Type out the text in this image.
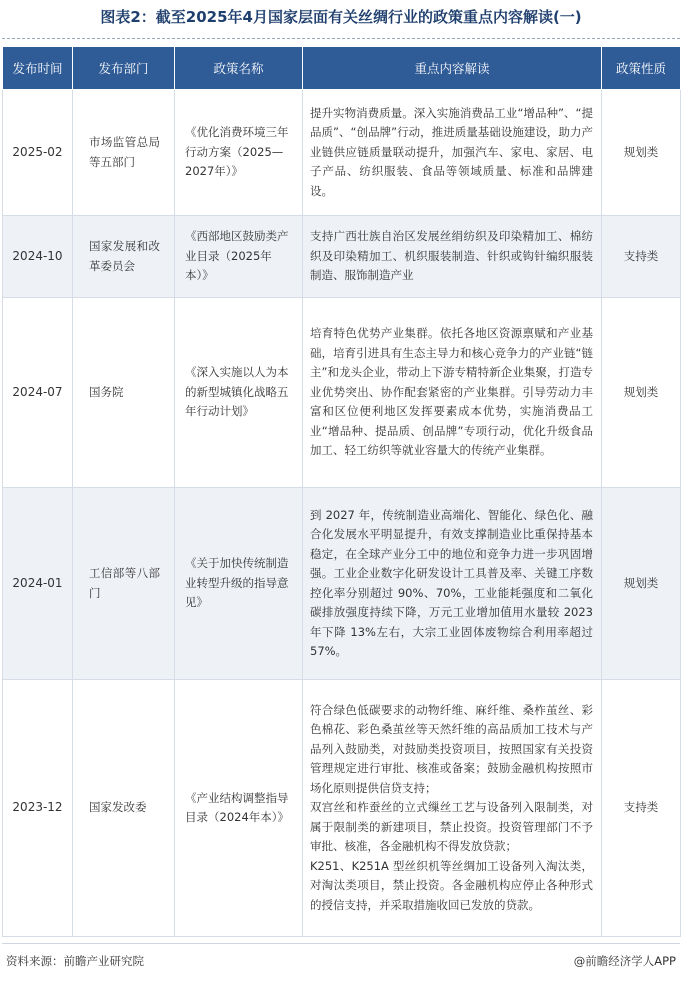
图表2：截至2025年4月国家层面有关丝绸行业的政策重点内容解读(一)
发布时间	发布部门	政策名称	重点内容解读	政策性质
2025-02	市场监管总局等五部门	《优化消费环境三年行动方案（2025—2027年）》	提升实物消费质量。深入实施消费品工业“增品种”、“提品质”、“创品牌”行动，推进质量基础设施建设，助力产业链供应链质量联动提升，加强汽车、家电、家居、电子产品、纺织服装、食品等领域质量、标准和品牌建设。	规划类
2024-10	国家发展和改革委员会	《西部地区鼓励类产业目录（2025年本）》	支持广西壮族自治区发展丝绢纺织及印染精加工、棉纺织及印染精加工、机织服装制造、针织或钩针编织服装制造、服饰制造产业	支持类
2024-07	国务院	《深入实施以人为本的新型城镇化战略五年行动计划》	培育特色优势产业集群。依托各地区资源禀赋和产业基础，培育引进具有生态主导力和核心竞争力的产业链“链主”和龙头企业，带动上下游专精特新企业集聚，打造专业优势突出、协作配套紧密的产业集群。引导劳动力丰富和区位便利地区发挥要素成本优势，实施消费品工业“增品种、提品质、创品牌”专项行动，优化升级食品加工、轻工纺织等就业容量大的传统产业集群。	规划类
2024-01	工信部等八部门	《关于加快传统制造业转型升级的指导意见》	到 2027 年，传统制造业高端化、智能化、绿色化、融合化发展水平明显提升，有效支撑制造业比重保持基本稳定，在全球产业分工中的地位和竞争力进一步巩固增强。工业企业数字化研发设计工具普及率、关键工序数控化率分别超过 90%、70%，工业能耗强度和二氧化碳排放强度持续下降，万元工业增加值用水量较 2023 年下降 13%左右，大宗工业固体废物综合利用率超过 57%。	规划类
2023-12	国家发改委	《产业结构调整指导目录（2024年本）》	符合绿色低碳要求的动物纤维、麻纤维、桑柞茧丝、彩色棉花、彩色桑茧丝等天然纤维的高品质加工技术与产品列入鼓励类，对鼓励类投资项目，按照国家有关投资管理规定进行审批、核准或备案；鼓励金融机构按照市场化原则提供信贷支持；
双宫丝和柞蚕丝的立式缫丝工艺与设备列入限制类，对属于限制类的新建项目，禁止投资。投资管理部门不予审批、核准，各金融机构不得发放贷款；
K251、K251A 型丝织机等丝绸加工设备列入淘汰类，对淘汰类项目，禁止投资。各金融机构应停止各种形式的授信支持，并采取措施收回已发放的贷款。	支持类
资料来源：前瞻产业研究院	@前瞻经济学人APP
